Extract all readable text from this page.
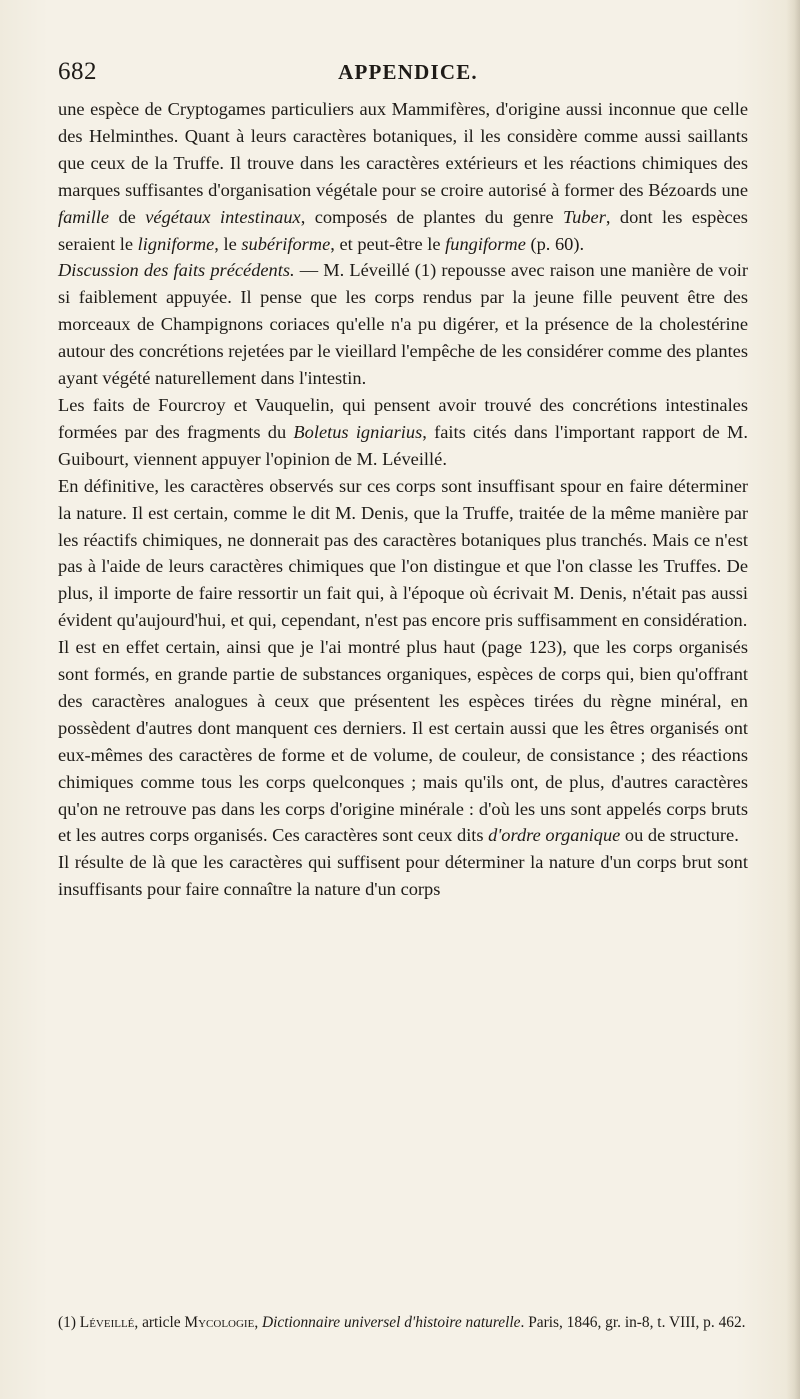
682	APPENDICE.

une espèce de Cryptogames particuliers aux Mammifères, d'origine aussi inconnue que celle des Helminthes. Quant à leurs caractères botaniques, il les considère comme aussi saillants que ceux de la Truffe. Il trouve dans les caractères extérieurs et les réactions chimiques des marques suffisantes d'organisation végétale pour se croire autorisé à former des Bézoards une famille de végétaux intestinaux, composés de plantes du genre Tuber, dont les espèces seraient le ligniforme, le subériforme, et peut-être le fungiforme (p. 60).

Discussion des faits précédents. — M. Léveillé (1) repousse avec raison une manière de voir si faiblement appuyée. Il pense que les corps rendus par la jeune fille peuvent être des morceaux de Champignons coriaces qu'elle n'a pu digérer, et la présence de la cholestérine autour des concrétions rejetées par le vieillard l'empêche de les considérer comme des plantes ayant végété naturellement dans l'intestin.

Les faits de Fourcroy et Vauquelin, qui pensent avoir trouvé des concrétions intestinales formées par des fragments du Boletus igniarius, faits cités dans l'important rapport de M. Guibourt, viennent appuyer l'opinion de M. Léveillé.

En définitive, les caractères observés sur ces corps sont insuffisant spour en faire déterminer la nature. Il est certain, comme le dit M. Denis, que la Truffe, traitée de la même manière par les réactifs chimiques, ne donnerait pas des caractères botaniques plus tranchés. Mais ce n'est pas à l'aide de leurs caractères chimiques que l'on distingue et que l'on classe les Truffes. De plus, il importe de faire ressortir un fait qui, à l'époque où écrivait M. Denis, n'était pas aussi évident qu'aujourd'hui, et qui, cependant, n'est pas encore pris suffisamment en considération.

Il est en effet certain, ainsi que je l'ai montré plus haut (page 123), que les corps organisés sont formés, en grande partie de substances organiques, espèces de corps qui, bien qu'offrant des caractères analogues à ceux que présentent les espèces tirées du règne minéral, en possèdent d'autres dont manquent ces derniers. Il est certain aussi que les êtres organisés ont eux-mêmes des caractères de forme et de volume, de couleur, de consistance ; des réactions chimiques comme tous les corps quelconques ; mais qu'ils ont, de plus, d'autres caractères qu'on ne retrouve pas dans les corps d'origine minérale : d'où les uns sont appelés corps bruts et les autres corps organisés. Ces caractères sont ceux dits d'ordre organique ou de structure.

Il résulte de là que les caractères qui suffisent pour déterminer la nature d'un corps brut sont insuffisants pour faire connaître la nature d'un corps

(1) Léveillé, article Mycologie, Dictionnaire universel d'histoire naturelle. Paris, 1846, gr. in-8, t. VIII, p. 462.
